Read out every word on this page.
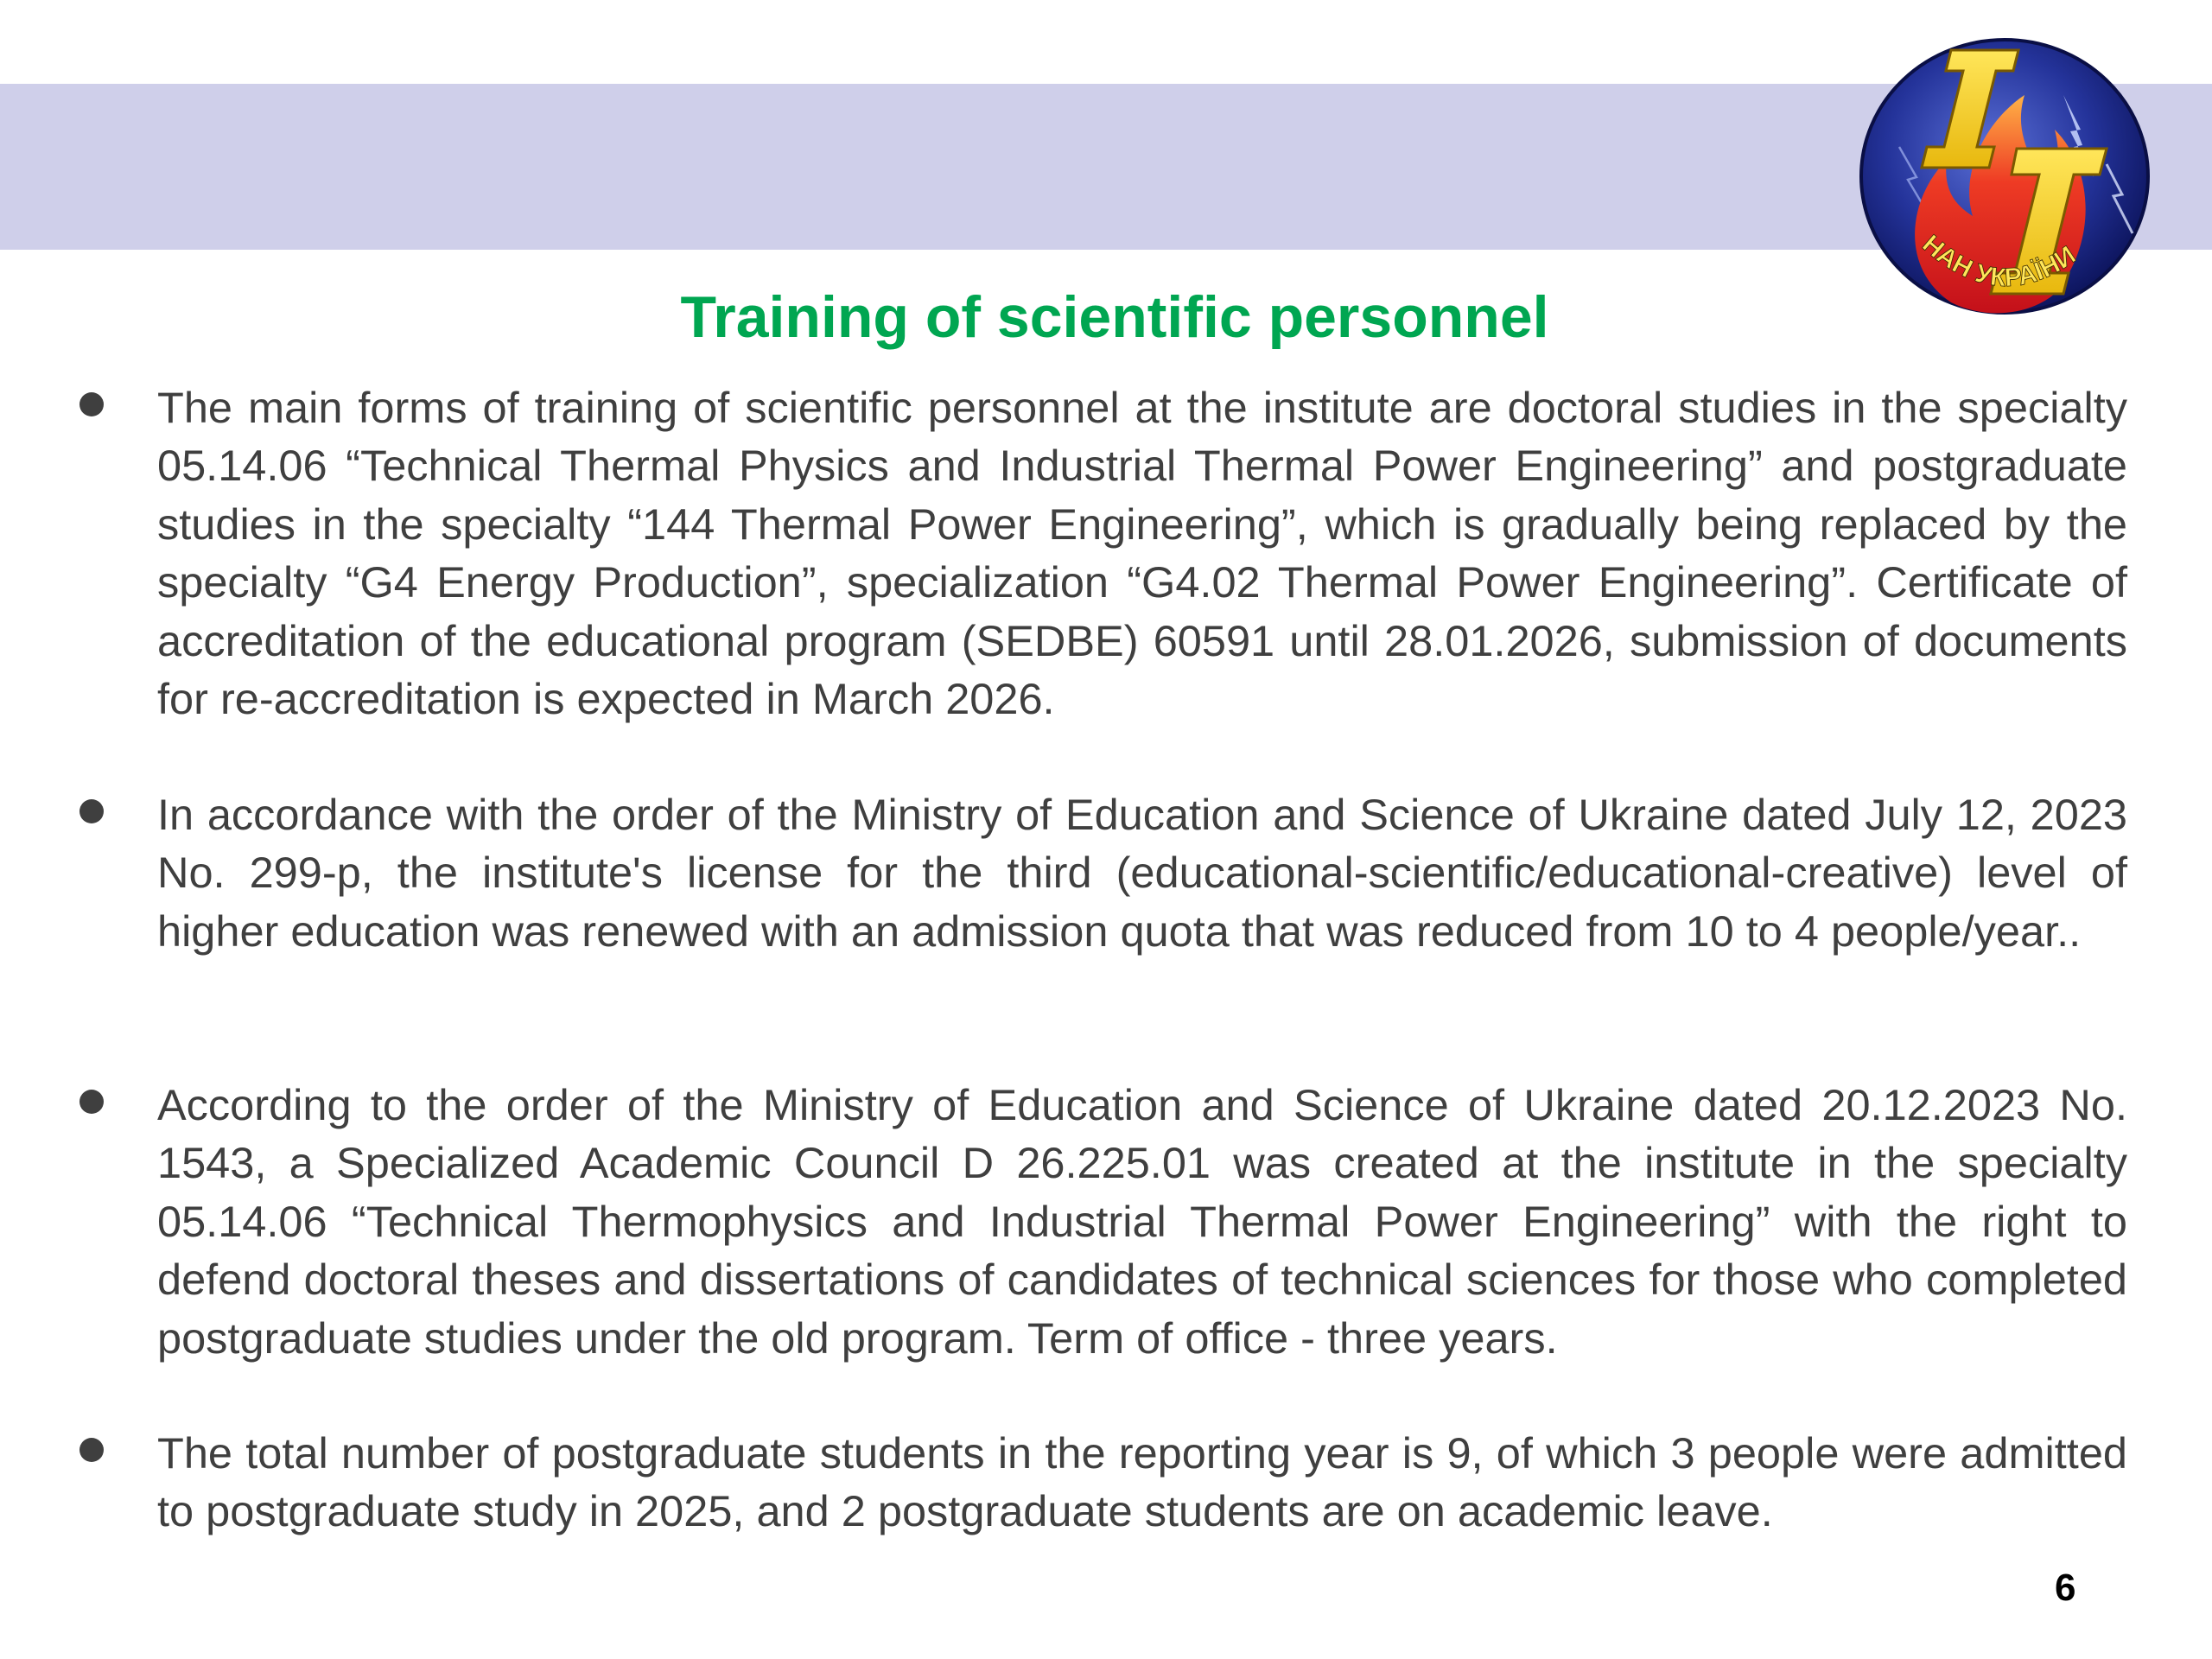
НАН УКРАЇНИ
Training of scientific personnel

The main forms of training of scientific personnel at the institute are doctoral studies in the specialty 05.14.06 “Technical Thermal Physics and Industrial Thermal Power Engineering” and postgraduate studies in the specialty “144 Thermal Power Engineering”, which is gradually being replaced by the specialty “G4 Energy Production”, specialization “G4.02 Thermal Power Engineering”. Certificate of accreditation of the educational program (SEDBE) 60591 until 28.01.2026, submission of documents for re-accreditation is expected in March 2026.

In accordance with the order of the Ministry of Education and Science of Ukraine dated July 12, 2023 No. 299-p, the institute's license for the third (educational-scientific/educational-creative) level of higher education was renewed with an admission quota that was reduced from 10 to 4 people/year..

According to the order of the Ministry of Education and Science of Ukraine dated 20.12.2023 No. 1543, a Specialized Academic Council D 26.225.01 was created at the institute in the specialty 05.14.06 “Technical Thermophysics and Industrial Thermal Power Engineering” with the right to defend doctoral theses and dissertations of candidates of technical sciences for those who completed postgraduate studies under the old program. Term of office - three years.

The total number of postgraduate students in the reporting year is 9, of which 3 people were admitted to postgraduate study in 2025, and 2 postgraduate students are on academic leave.

6
